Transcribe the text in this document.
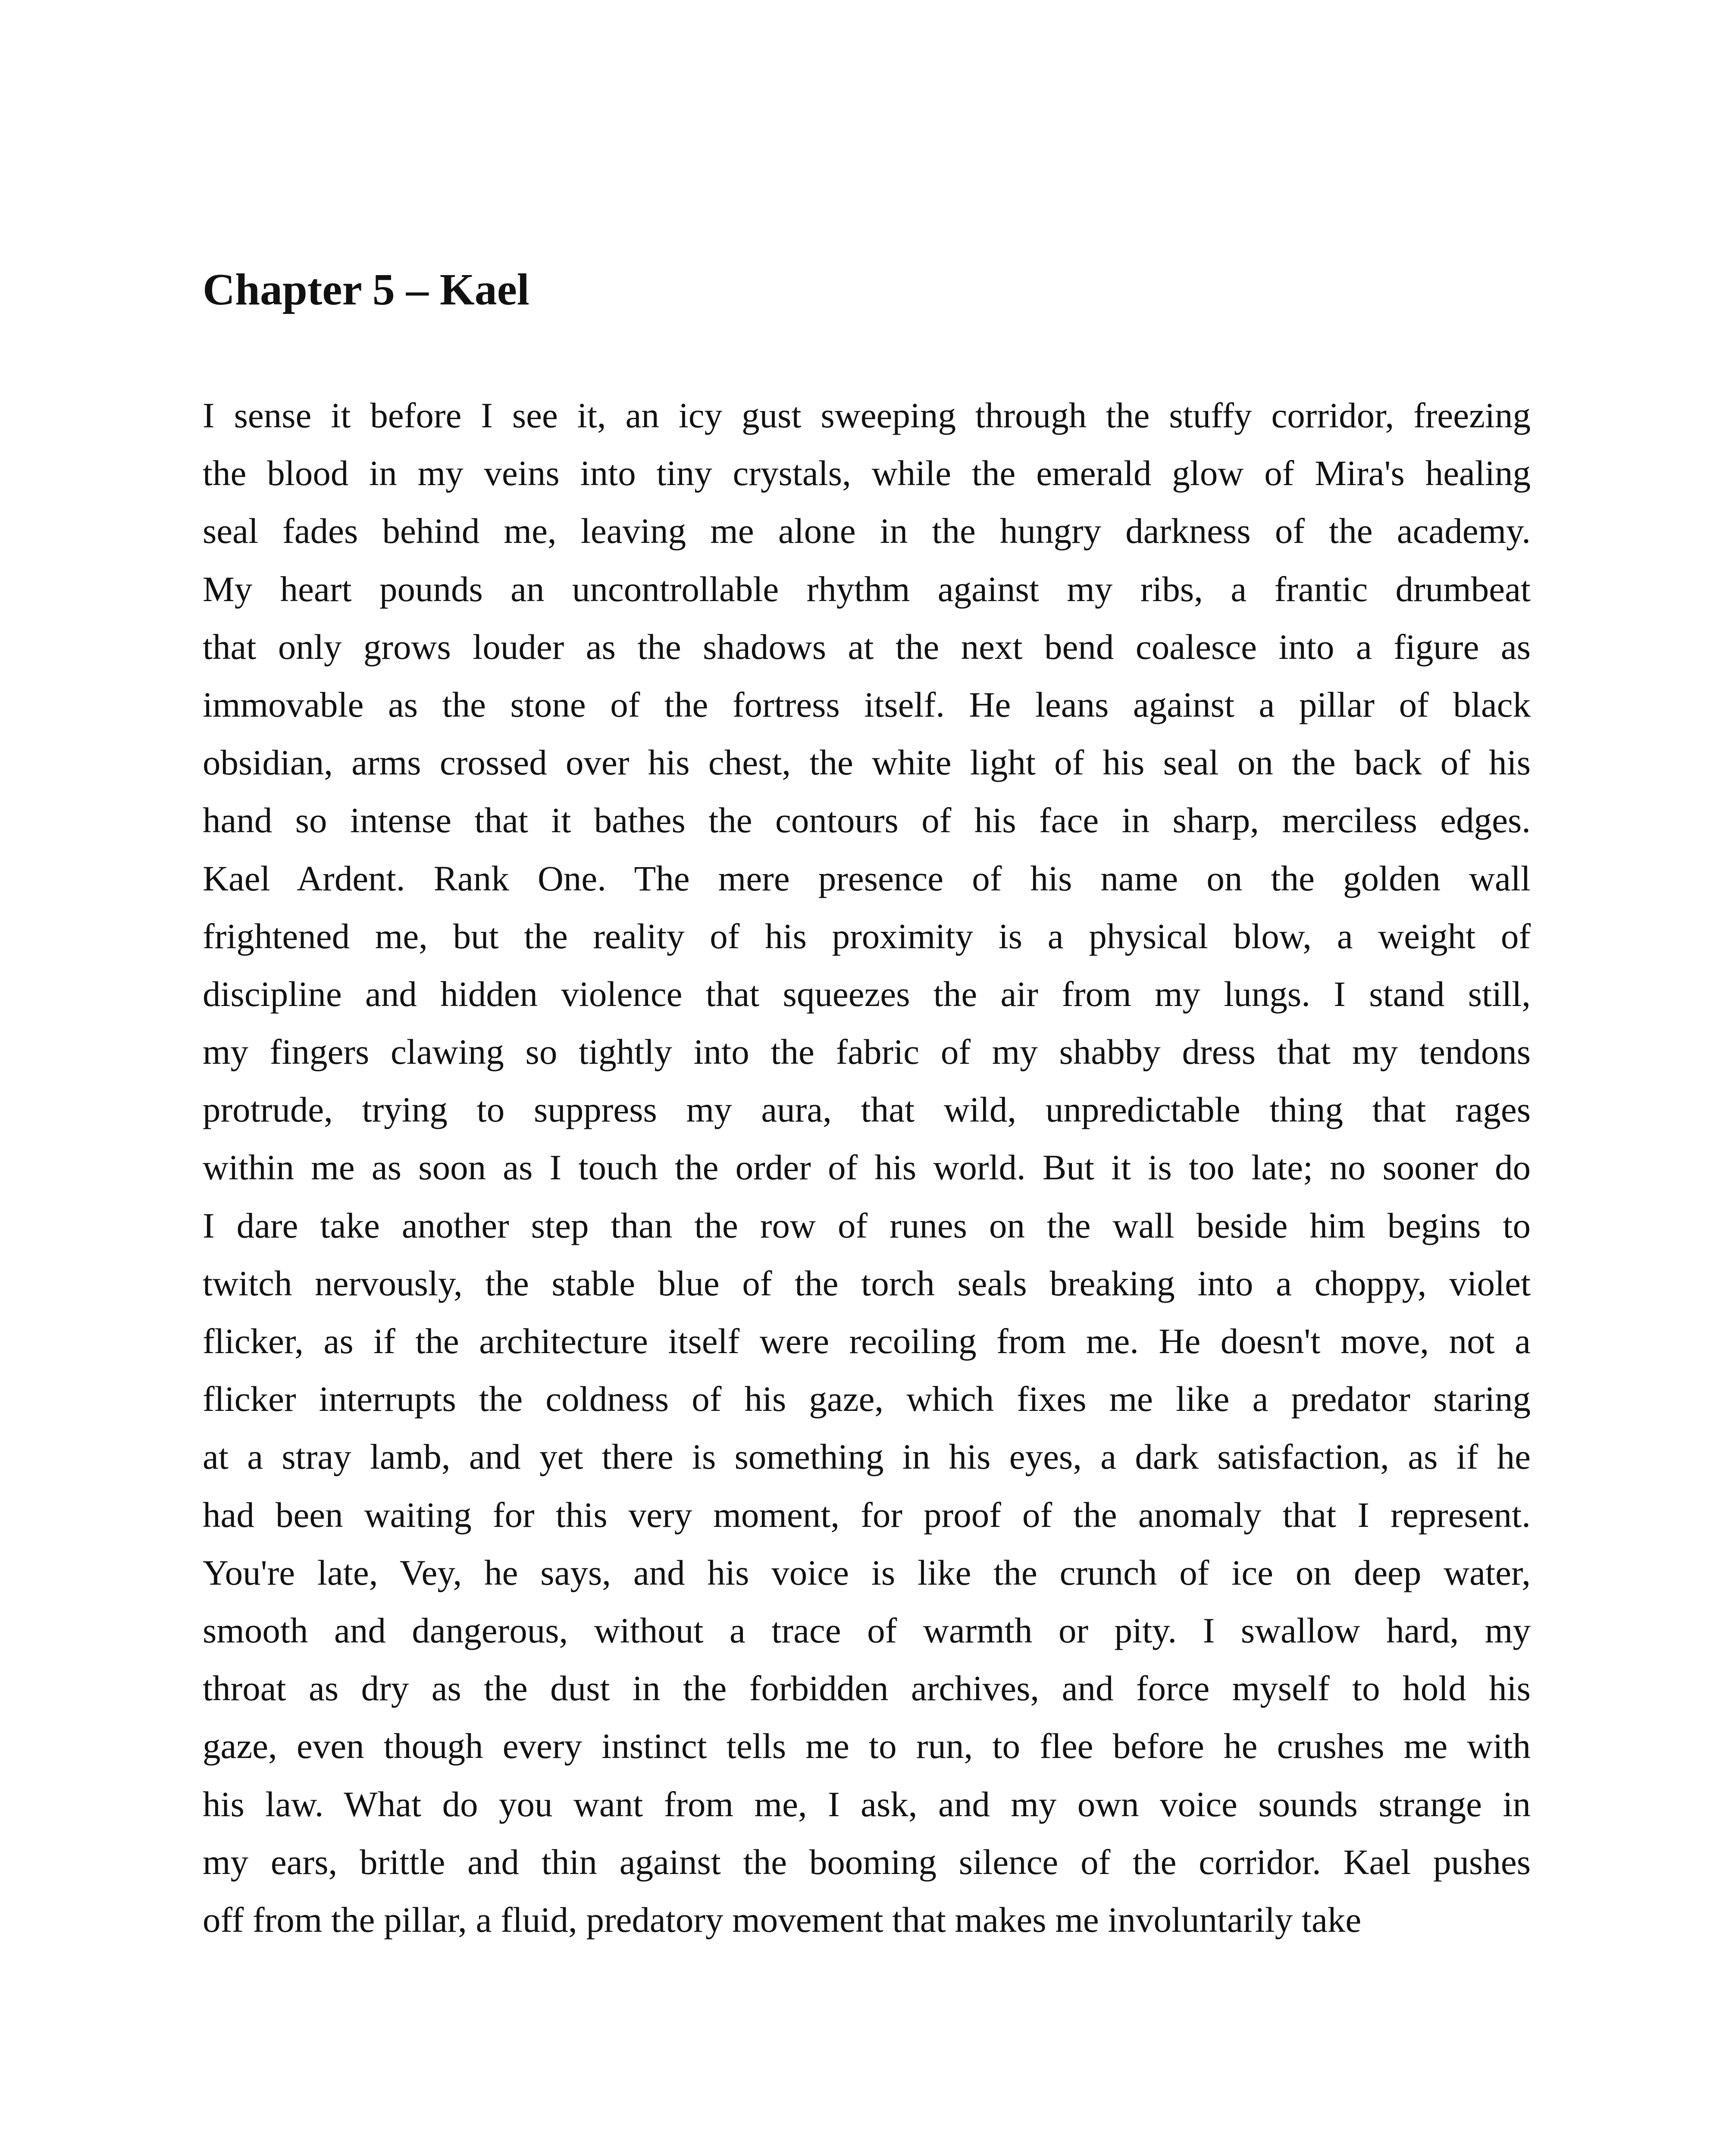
Chapter 5 – Kael
I sense it before I see it, an icy gust sweeping through the stuffy corridor, freezing
the blood in my veins into tiny crystals, while the emerald glow of Mira's healing
seal fades behind me, leaving me alone in the hungry darkness of the academy.
My heart pounds an uncontrollable rhythm against my ribs, a frantic drumbeat
that only grows louder as the shadows at the next bend coalesce into a figure as
immovable as the stone of the fortress itself. He leans against a pillar of black
obsidian, arms crossed over his chest, the white light of his seal on the back of his
hand so intense that it bathes the contours of his face in sharp, merciless edges.
Kael Ardent. Rank One. The mere presence of his name on the golden wall
frightened me, but the reality of his proximity is a physical blow, a weight of
discipline and hidden violence that squeezes the air from my lungs. I stand still,
my fingers clawing so tightly into the fabric of my shabby dress that my tendons
protrude, trying to suppress my aura, that wild, unpredictable thing that rages
within me as soon as I touch the order of his world. But it is too late; no sooner do
I dare take another step than the row of runes on the wall beside him begins to
twitch nervously, the stable blue of the torch seals breaking into a choppy, violet
flicker, as if the architecture itself were recoiling from me. He doesn't move, not a
flicker interrupts the coldness of his gaze, which fixes me like a predator staring
at a stray lamb, and yet there is something in his eyes, a dark satisfaction, as if he
had been waiting for this very moment, for proof of the anomaly that I represent.
You're late, Vey, he says, and his voice is like the crunch of ice on deep water,
smooth and dangerous, without a trace of warmth or pity. I swallow hard, my
throat as dry as the dust in the forbidden archives, and force myself to hold his
gaze, even though every instinct tells me to run, to flee before he crushes me with
his law. What do you want from me, I ask, and my own voice sounds strange in
my ears, brittle and thin against the booming silence of the corridor. Kael pushes
off from the pillar, a fluid, predatory movement that makes me involuntarily take
